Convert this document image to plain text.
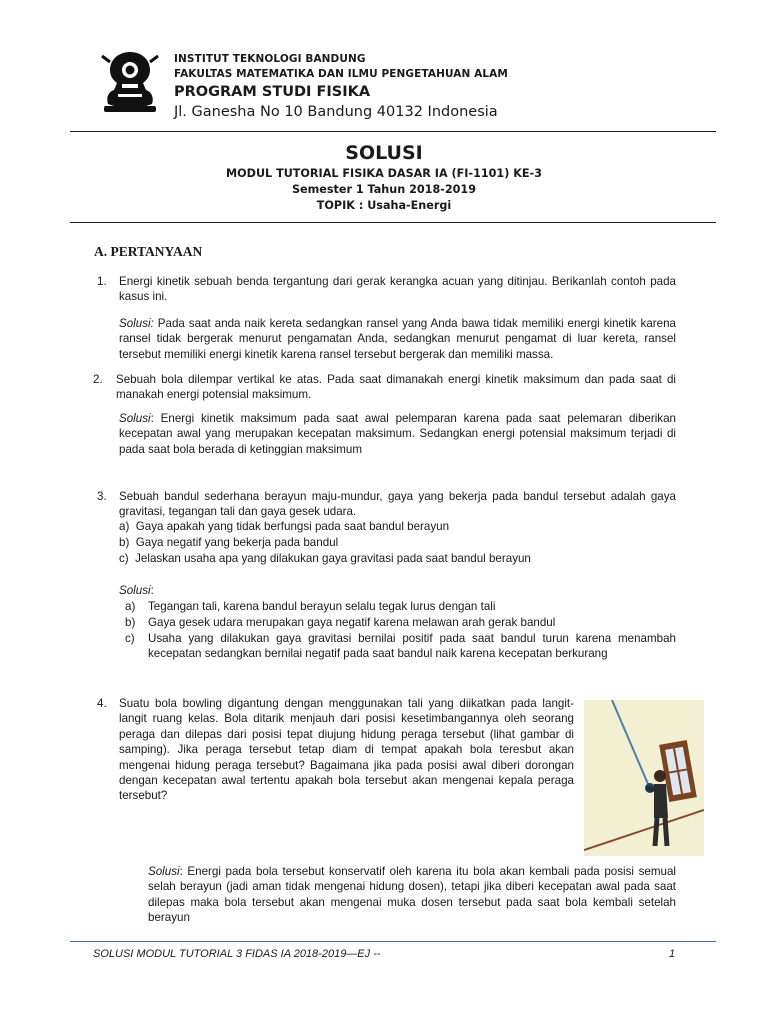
INSTITUT TEKNOLOGI BANDUNG
FAKULTAS MATEMATIKA DAN ILMU PENGETAHUAN ALAM
PROGRAM STUDI FISIKA
Jl. Ganesha No 10 Bandung 40132 Indonesia
SOLUSI
MODUL TUTORIAL FISIKA DASAR IA (FI-1101) KE-3
Semester 1 Tahun 2018-2019
TOPIK : Usaha-Energi
A. PERTANYAAN
1. Energi kinetik sebuah benda tergantung dari gerak kerangka acuan yang ditinjau. Berikanlah contoh pada kasus ini.
Solusi: Pada saat anda naik kereta sedangkan ransel yang Anda bawa tidak memiliki energi kinetik karena ransel tidak bergerak menurut pengamatan Anda, sedangkan menurut pengamat di luar kereta, ransel tersebut memiliki energi kinetik karena ransel tersebut bergerak dan memiliki massa.
2. Sebuah bola dilempar vertikal ke atas. Pada saat dimanakah energi kinetik maksimum dan pada saat di manakah energi potensial maksimum.
Solusi: Energi kinetik maksimum pada saat awal pelemparan karena pada saat pelemaran diberikan kecepatan awal yang merupakan kecepatan maksimum. Sedangkan energi potensial maksimum terjadi di pada saat bola berada di ketinggian maksimum
3. Sebuah bandul sederhana berayun maju-mundur, gaya yang bekerja pada bandul tersebut adalah gaya gravitasi, tegangan tali dan gaya gesek udara.
a) Gaya apakah yang tidak berfungsi pada saat bandul berayun
b) Gaya negatif yang bekerja pada bandul
c) Jelaskan usaha apa yang dilakukan gaya gravitasi pada saat bandul berayun
Solusi:
a) Tegangan tali, karena bandul berayun selalu tegak lurus dengan tali
b) Gaya gesek udara merupakan gaya negatif karena melawan arah gerak bandul
c) Usaha yang dilakukan gaya gravitasi bernilai positif pada saat bandul turun karena menambah kecepatan sedangkan bernilai negatif pada saat bandul naik karena kecepatan berkurang
4. Suatu bola bowling digantung dengan menggunakan tali yang diikatkan pada langit-langit ruang kelas. Bola ditarik menjauh dari posisi kesetimbangannya oleh seorang peraga dan dilepas dari posisi tepat diujung hidung peraga tersebut (lihat gambar di samping). Jika peraga tersebut tetap diam di tempat apakah bola teresbut akan mengenai hidung peraga tersebut? Bagaimana jika pada posisi awal diberi dorongan dengan kecepatan awal tertentu apakah bola tersebut akan mengenai kepala peraga tersebut?
Solusi: Energi pada bola tersebut konservatif oleh karena itu bola akan kembali pada posisi semual selah berayun (jadi aman tidak mengenai hidung dosen), tetapi jika diberi kecepatan awal pada saat dilepas maka bola tersebut akan mengenai muka dosen tersebut pada saat bola kembali setelah berayun
SOLUSI MODUL TUTORIAL 3 FIDAS IA 2018-2019—EJ --	1
